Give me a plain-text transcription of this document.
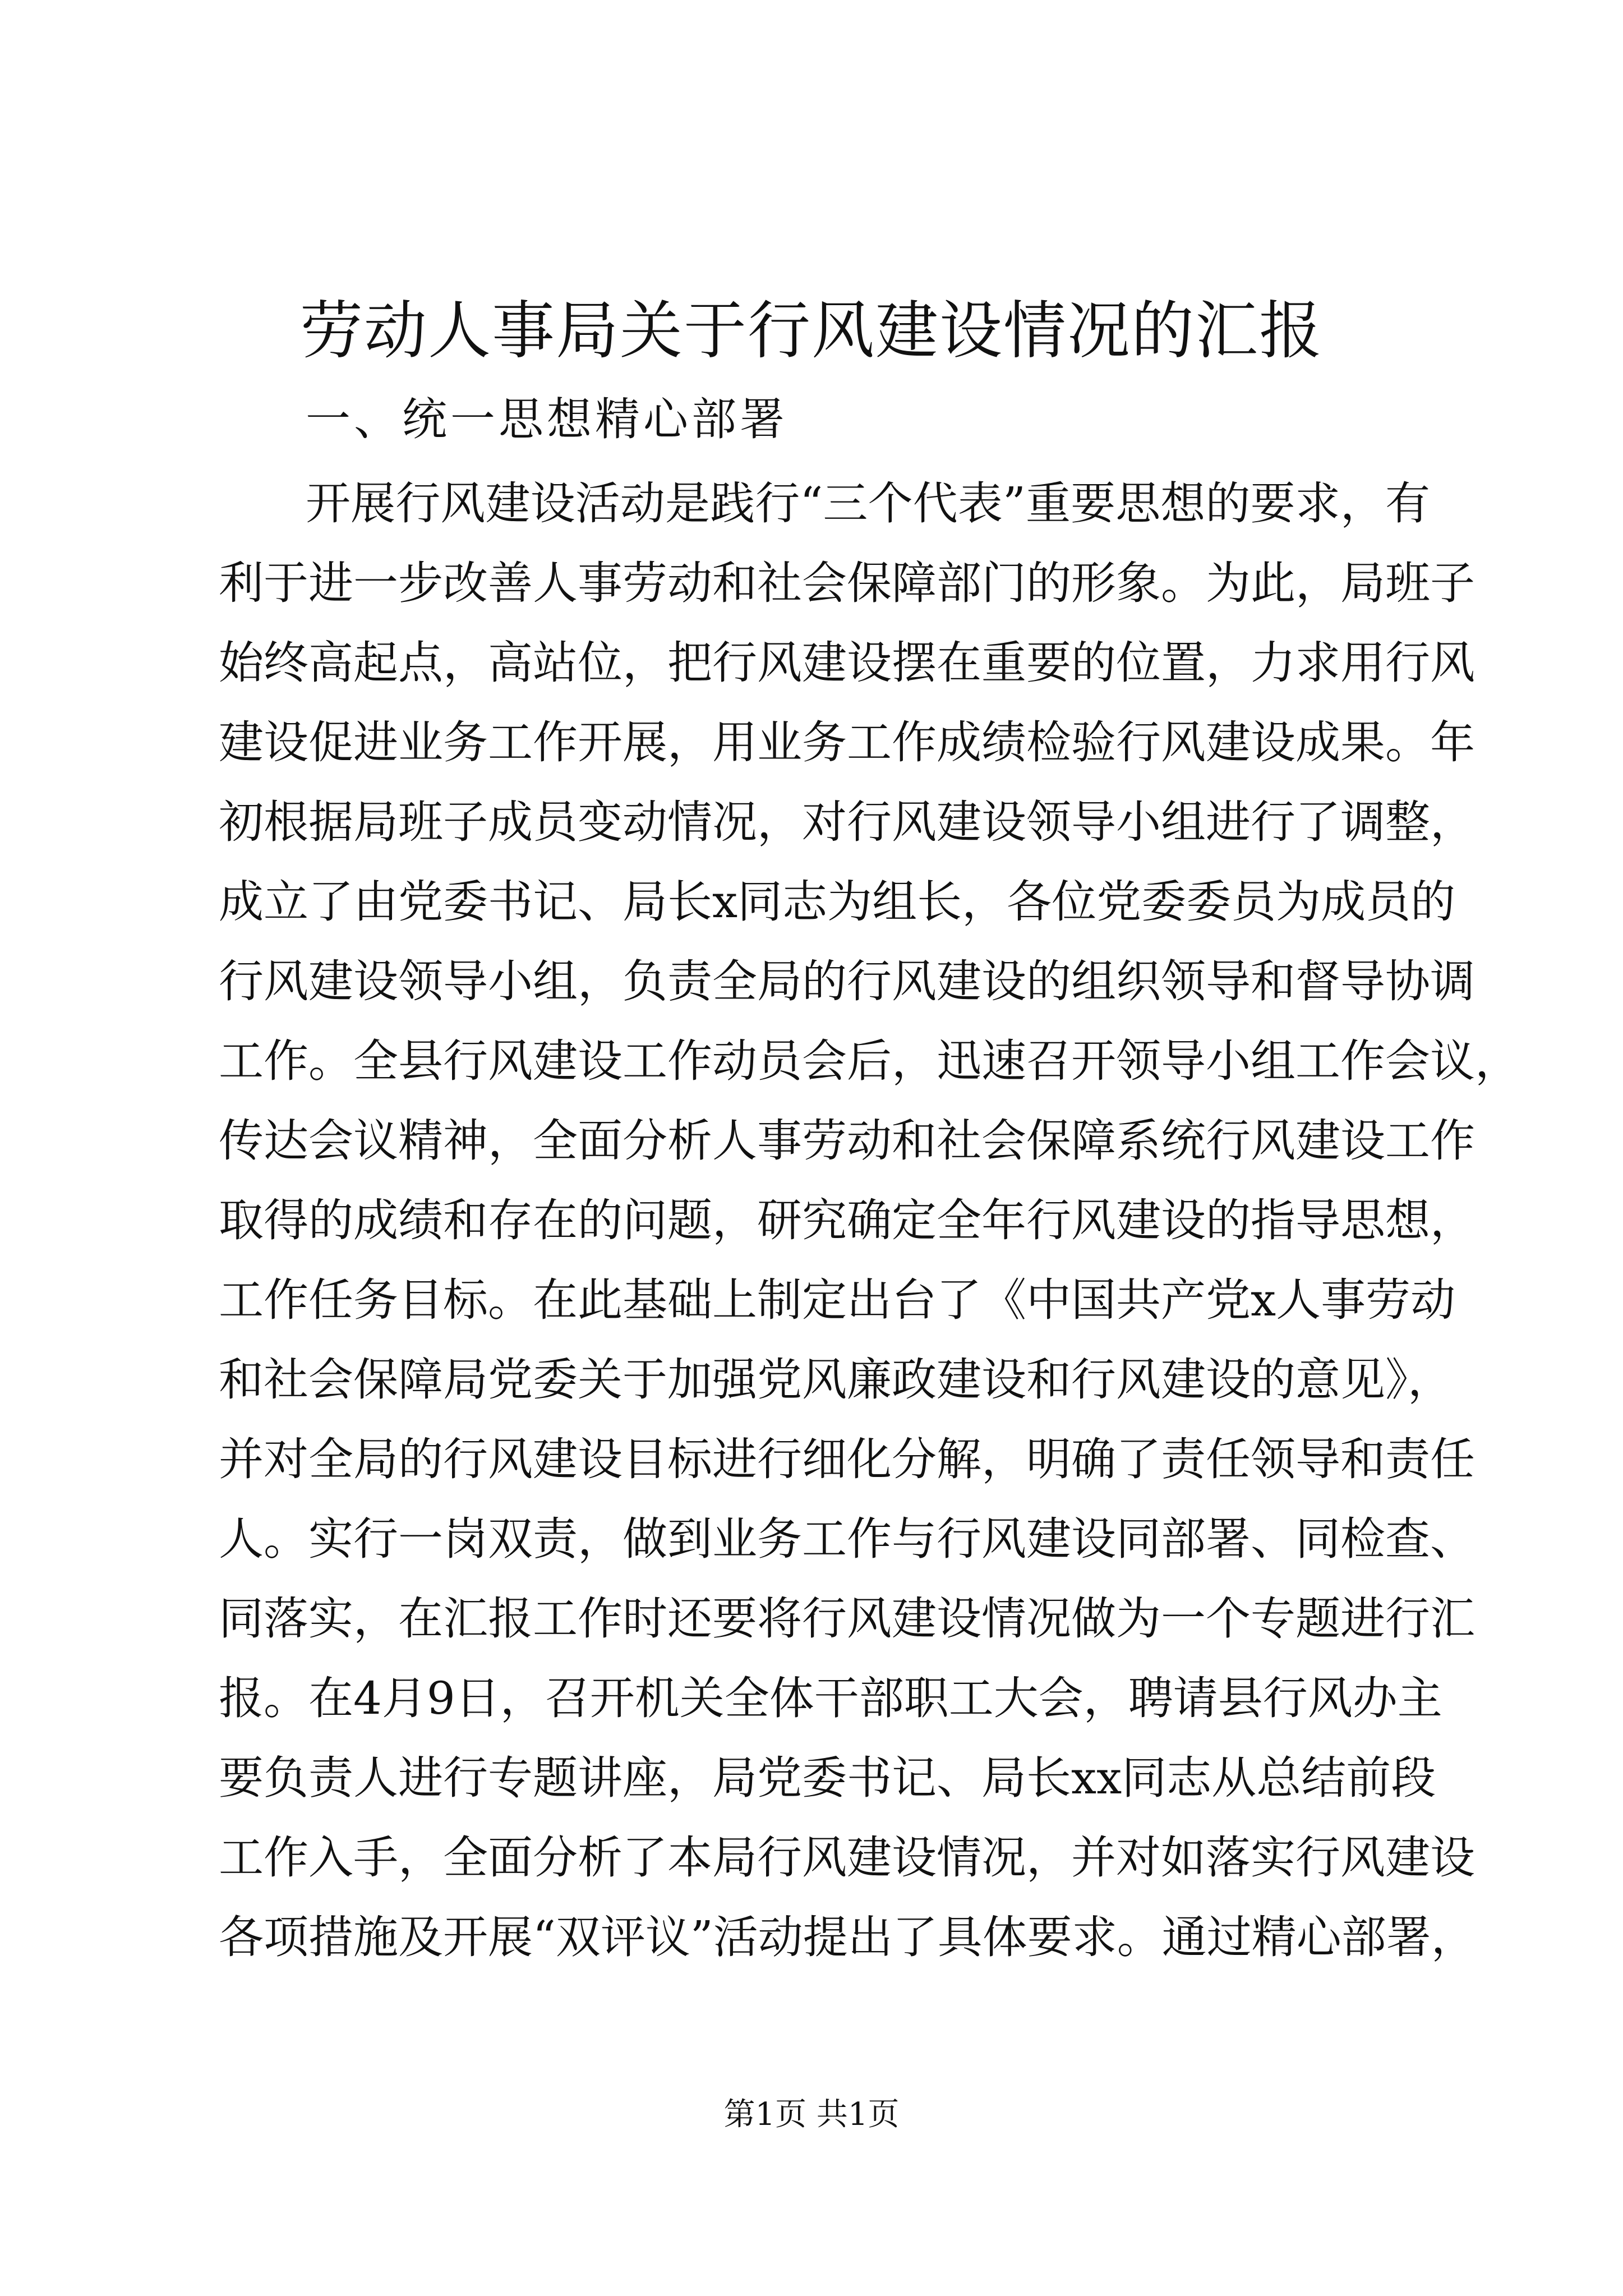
劳动人事局关于行风建设情况的汇报
一、统一思想精心部署
开展行风建设活动是践行“三个代表”重要思想的要求，有
利于进一步改善人事劳动和社会保障部门的形象。为此，局班子
始终高起点，高站位，把行风建设摆在重要的位置，力求用行风
建设促进业务工作开展，用业务工作成绩检验行风建设成果。年
初根据局班子成员变动情况，对行风建设领导小组进行了调整，
成立了由党委书记、局长x同志为组长，各位党委委员为成员的
行风建设领导小组，负责全局的行风建设的组织领导和督导协调
工作。全县行风建设工作动员会后，迅速召开领导小组工作会议，
传达会议精神，全面分析人事劳动和社会保障系统行风建设工作
取得的成绩和存在的问题，研究确定全年行风建设的指导思想，
工作任务目标。在此基础上制定出台了《中国共产党x人事劳动
和社会保障局党委关于加强党风廉政建设和行风建设的意见》，
并对全局的行风建设目标进行细化分解，明确了责任领导和责任
人。实行一岗双责，做到业务工作与行风建设同部署、同检查、
同落实，在汇报工作时还要将行风建设情况做为一个专题进行汇
报。在4月9日，召开机关全体干部职工大会，聘请县行风办主
要负责人进行专题讲座，局党委书记、局长xx同志从总结前段
工作入手，全面分析了本局行风建设情况，并对如落实行风建设
各项措施及开展“双评议”活动提出了具体要求。通过精心部署，
第1页 共1页
